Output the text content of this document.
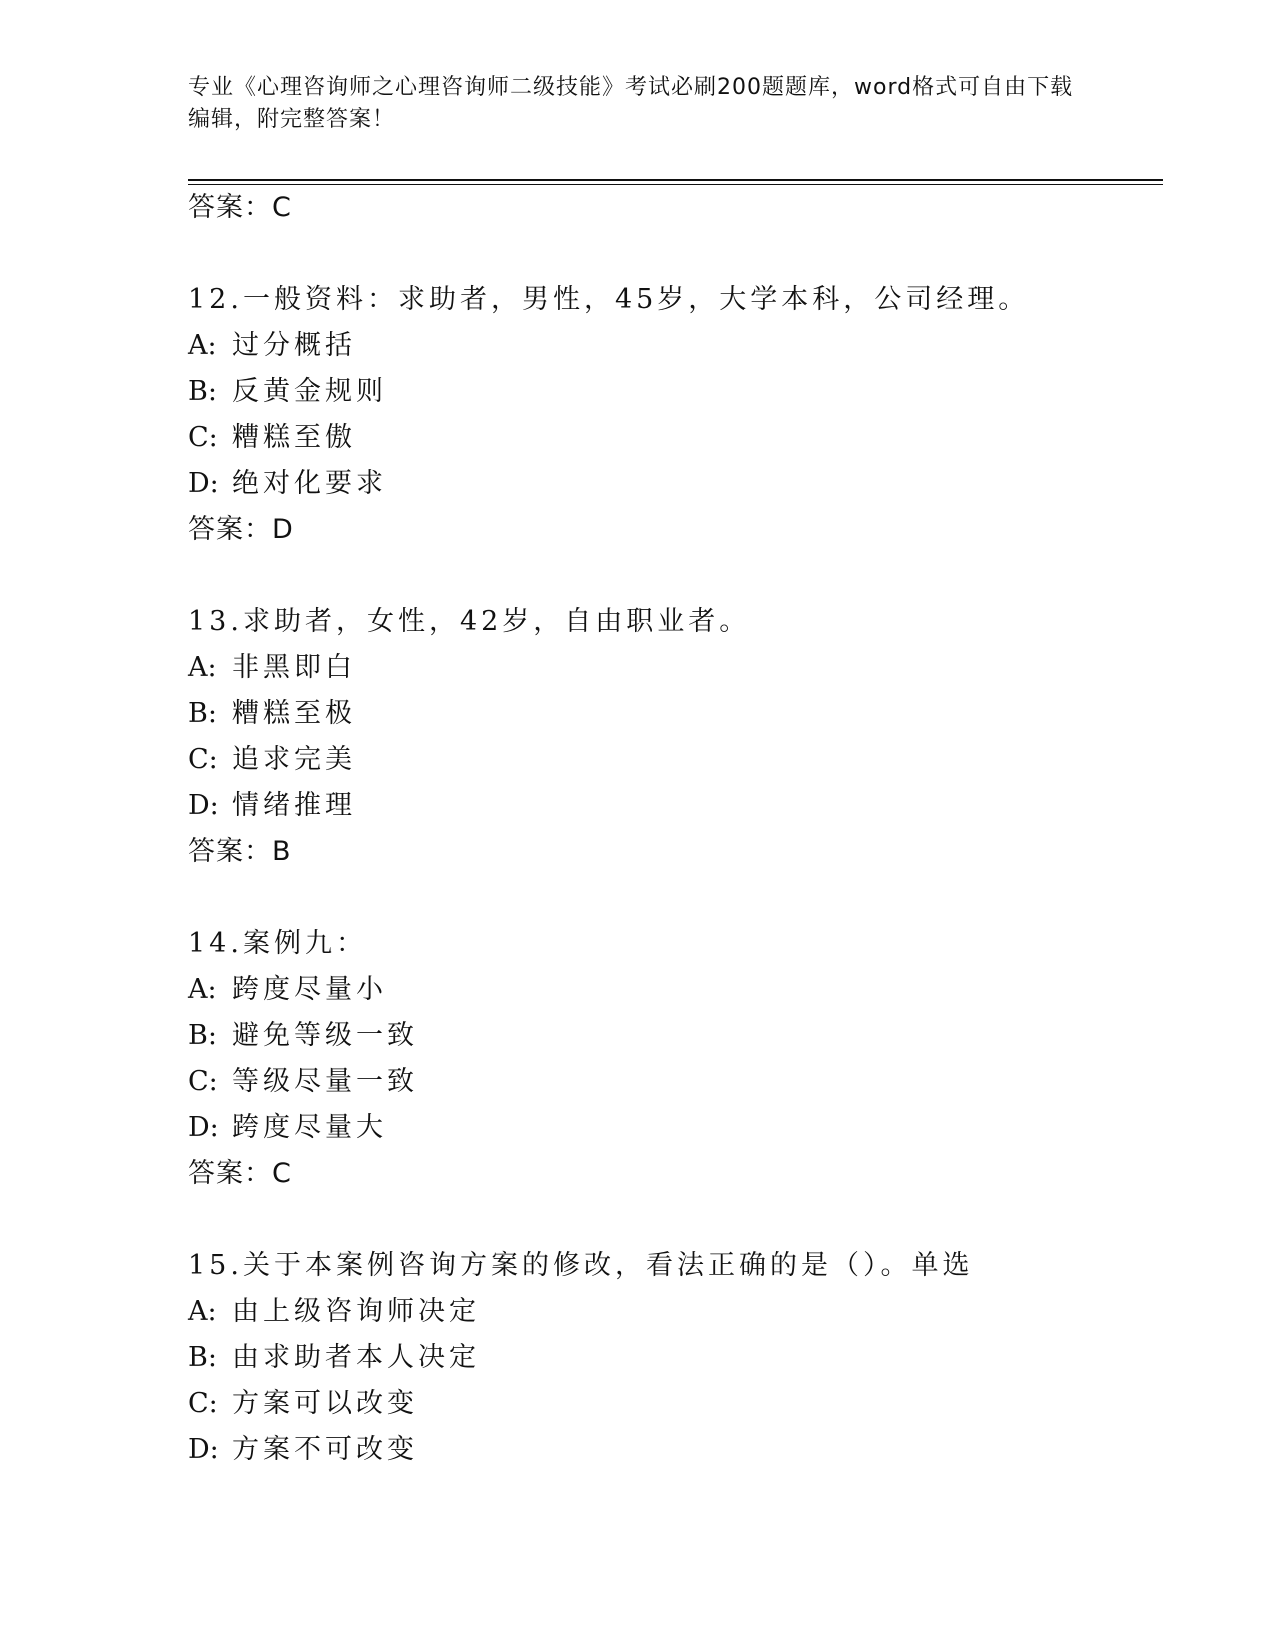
专业《心理咨询师之心理咨询师二级技能》考试必刷200题题库，word格式可自由下载编辑，附完整答案！

答案：C

12.一般资料：求助者，男性，45岁，大学本科，公司经理。

A: 过分概括

B: 反黄金规则

C: 糟糕至傲

D: 绝对化要求

答案：D

13.求助者，女性，42岁，自由职业者。

A: 非黑即白

B: 糟糕至极

C: 追求完美

D: 情绪推理

答案：B

14.案例九：

A: 跨度尽量小

B: 避免等级一致

C: 等级尽量一致

D: 跨度尽量大

答案：C

15.关于本案例咨询方案的修改，看法正确的是（）。单选

A: 由上级咨询师决定

B: 由求助者本人决定

C: 方案可以改变

D: 方案不可改变
